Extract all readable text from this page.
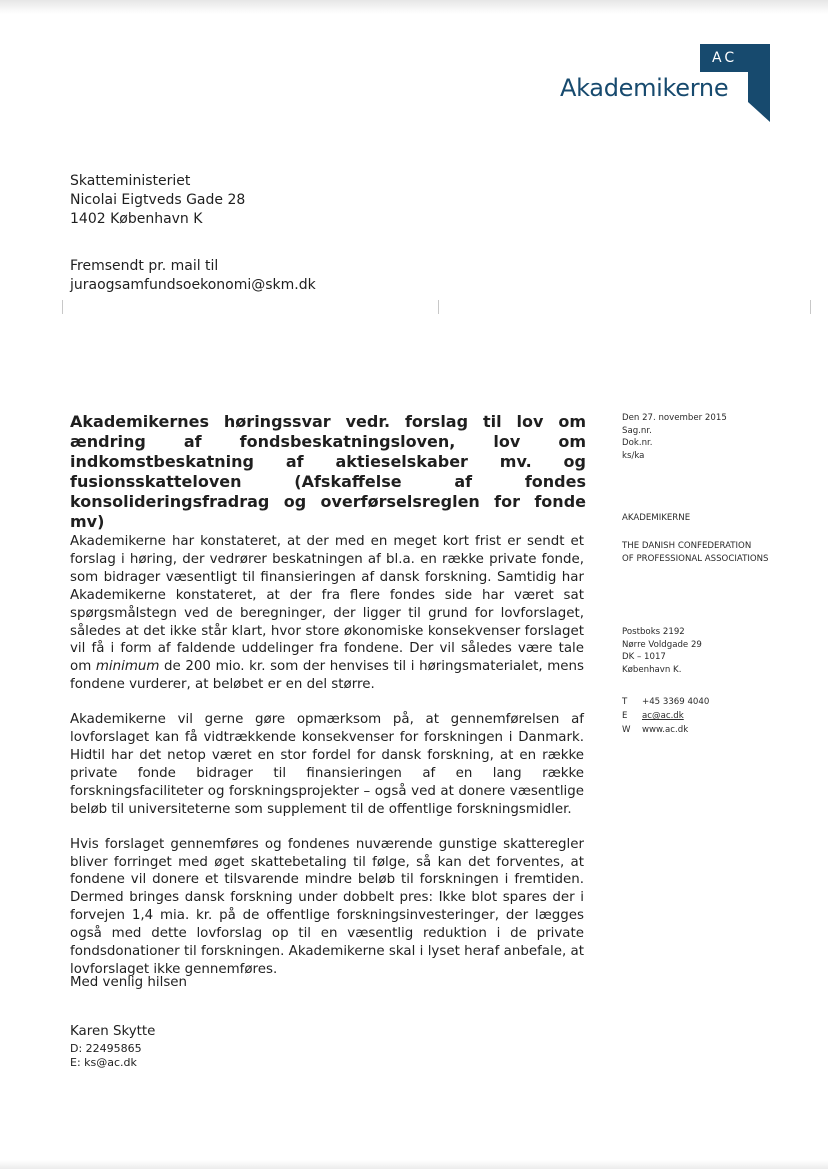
AC
Akademikerne
Skatteministeriet
Nicolai Eigtveds Gade 28
1402 København K
Fremsendt pr. mail til
juraogsamfundsoekonomi@skm.dk
Akademikernes høringssvar vedr. forslag til lov om ændring af fondsbeskatningsloven, lov om indkomstbeskatning af aktieselskaber mv. og fusionsskatteloven (Afskaffelse af fondes konsolideringsfradrag og overførselsreglen for fonde mv)

Akademikerne har konstateret, at der med en meget kort frist er sendt et forslag i høring, der vedrører beskatningen af bl.a. en række private fonde, som bidrager væsentligt til finansieringen af dansk forskning. Samtidig har Akademikerne konstateret, at der fra flere fondes side har været sat spørgsmålstegn ved de beregninger, der ligger til grund for lovforslaget, således at det ikke står klart, hvor store økonomiske konsekvenser forslaget vil få i form af faldende uddelinger fra fondene. Der vil således være tale om minimum de 200 mio. kr. som der henvises til i høringsmaterialet, mens fondene vurderer, at beløbet er en del større.

Akademikerne vil gerne gøre opmærksom på, at gennemførelsen af lovforslaget kan få vidtrækkende konsekvenser for forskningen i Danmark. Hidtil har det netop været en stor fordel for dansk forskning, at en række private fonde bidrager til finansieringen af en lang række forskningsfaciliteter og forskningsprojekter – også ved at donere væsentlige beløb til universiteterne som supplement til de offentlige forskningsmidler.

Hvis forslaget gennemføres og fondenes nuværende gunstige skatteregler bliver forringet med øget skattebetaling til følge, så kan det forventes, at fondene vil donere et tilsvarende mindre beløb til forskningen i fremtiden. Dermed bringes dansk forskning under dobbelt pres: Ikke blot spares der i forvejen 1,4 mia. kr. på de offentlige forskningsinvesteringer, der lægges også med dette lovforslag op til en væsentlig reduktion i de private fondsdonationer til forskningen. Akademikerne skal i lyset heraf anbefale, at lovforslaget ikke gennemføres.

Med venlig hilsen
Karen Skytte
D: 22495865
E: ks@ac.dk
Den 27. november 2015
Sag.nr.
Dok.nr.
ks/ka
AKADEMIKERNE
THE DANISH CONFEDERATION
OF PROFESSIONAL ASSOCIATIONS
Postboks 2192
Nørre Voldgade 29
DK – 1017
København K.
T +45 3369 4040
E ac@ac.dk
W www.ac.dk
